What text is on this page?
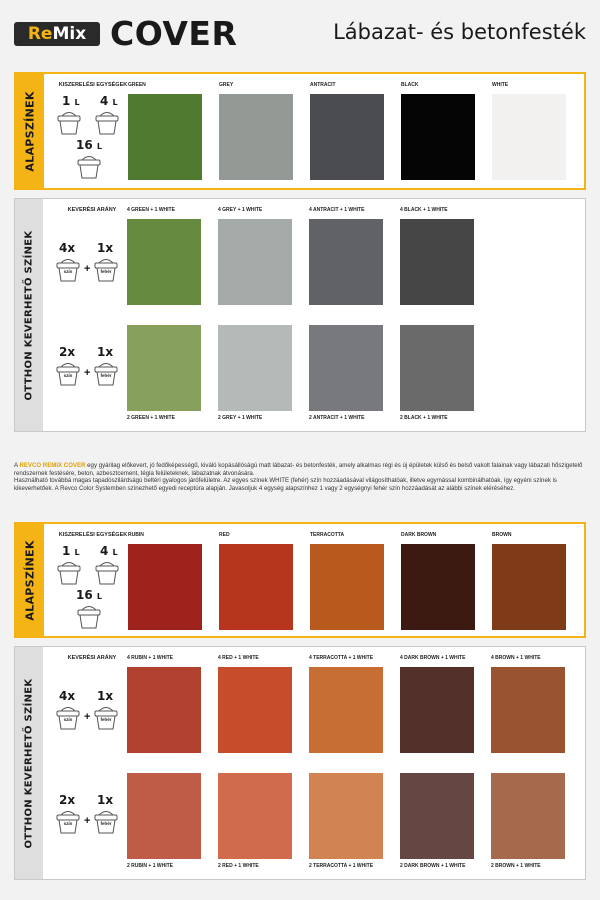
ReMix COVER	Lábazat- és betonfesték
ALAPSZÍNEK
KISZERELÉSI EGYSÉGEK
1 L 4 L
16 L
GREEN	GREY	ANTRACIT	BLACK	WHITE
OTTHON KEVERHETŐ SZÍNEK
KEVERÉSI ARÁNY
4x 1x
szín	+	fehér
2x 1x
szín	+	fehér
4 GREEN + 1 WHITE	4 GREY + 1 WHITE	4 ANTRACIT + 1 WHITE	4 BLACK + 1 WHITE
2 GREEN + 1 WHITE	2 GREY + 1 WHITE	2 ANTRACIT + 1 WHITE	2 BLACK + 1 WHITE

A REVCO REMIX COVER egy gyárilag előkevert, jó fedőképességű, kiváló kopásállóságú matt lábazat- és betonfesték, amely alkalmas régi és új épületek külső és belső vakolt falainak vagy lábazati hőszigetelő rendszernek festésére, beton, azbesztcement, tégla felületeknek, lábazatnak átvonására.

Használható továbbá magas tapadószilárdságú beltéri gyalogos járófelületre. Az egyes színek WHITE (fehér) szín hozzáadásával világosíthatóak, illetve egymással kombinálhatóak, így egyéni színek is kikeverhetőek. A Revco Color Systemben színezhető egyedi receptúra alapján. Javasoljuk 4 egység alapszínhez 1 vagy 2 egységnyi fehér szín hozzáadását az alábbi színek eléréséhez.

ALAPSZÍNEK
KISZERELÉSI EGYSÉGEK
1 L 4 L
16 L
RUBIN	RED	TERRACOTTA	DARK BROWN	BROWN
OTTHON KEVERHETŐ SZÍNEK
KEVERÉSI ARÁNY
4x 1x
szín	+	fehér
2x 1x
szín	+	fehér
4 RUBIN + 1 WHITE	4 RED + 1 WHITE	4 TERRACOTTA + 1 WHITE	4 DARK BROWN + 1 WHITE	4 BROWN + 1 WHITE
2 RUBIN + 1 WHITE	2 RED + 1 WHITE	2 TERRACOTTA + 1 WHITE	2 DARK BROWN + 1 WHITE	2 BROWN + 1 WHITE
